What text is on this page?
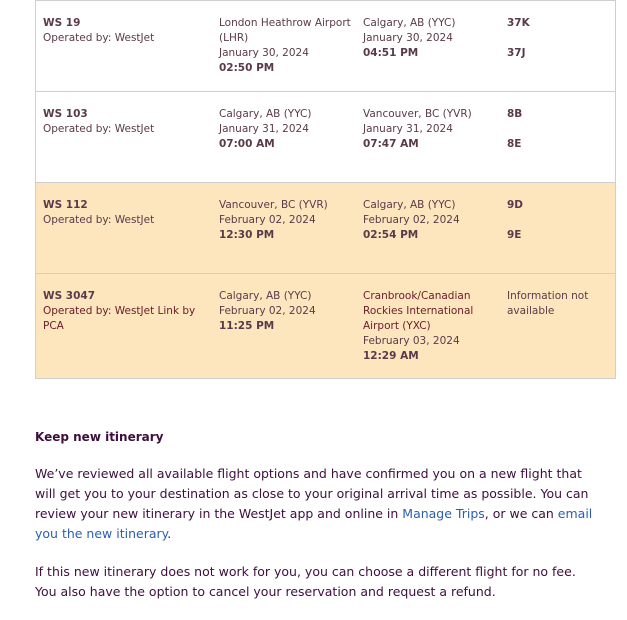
WS 19
Operated by: WestJet
London Heathrow Airport (LHR)
January 30, 2024
02:50 PM
Calgary, AB (YYC)
January 30, 2024
04:51 PM
37K
37J
WS 103
Operated by: WestJet
Calgary, AB (YYC)
January 31, 2024
07:00 AM
Vancouver, BC (YVR)
January 31, 2024
07:47 AM
8B
8E
WS 112
Operated by: WestJet
Vancouver, BC (YVR)
February 02, 2024
12:30 PM
Calgary, AB (YYC)
February 02, 2024
02:54 PM
9D
9E
WS 3047
Operated by: WestJet Link by PCA
Calgary, AB (YYC)
February 02, 2024
11:25 PM
Cranbrook/Canadian Rockies International Airport (YXC)
February 03, 2024
12:29 AM
Information not available
Keep new itinerary

We’ve reviewed all available flight options and have confirmed you on a new flight that will get you to your destination as close to your original arrival time as possible. You can review your new itinerary in the WestJet app and online in Manage Trips, or we can email you the new itinerary.

If this new itinerary does not work for you, you can choose a different flight for no fee. You also have the option to cancel your reservation and request a refund.
